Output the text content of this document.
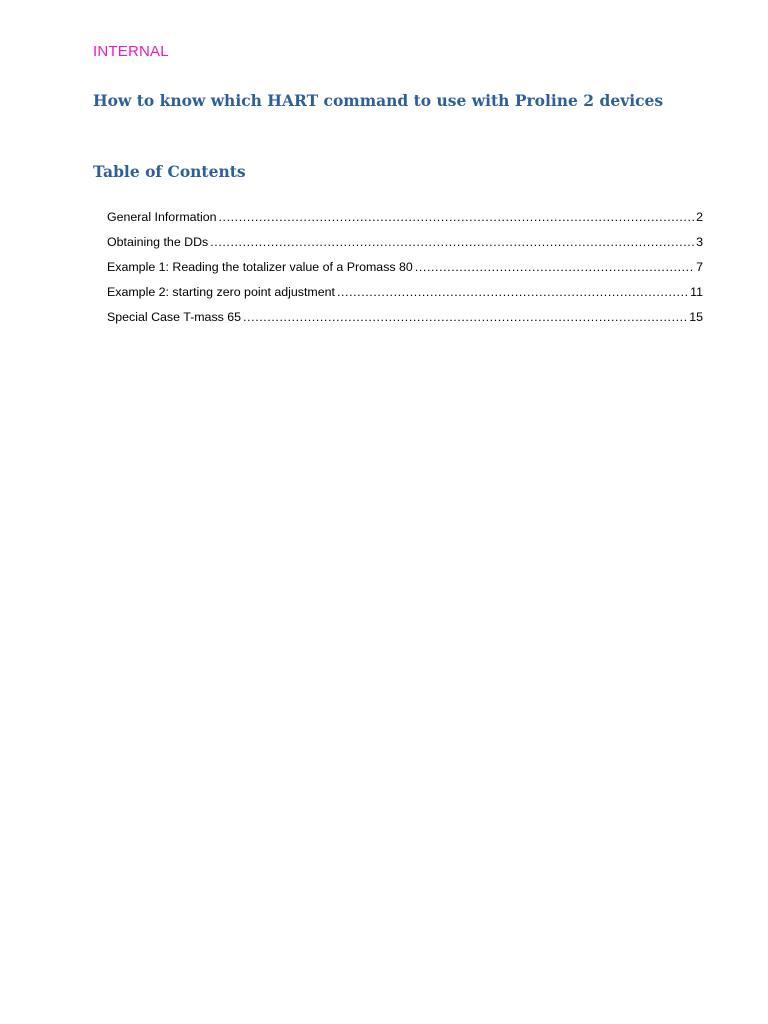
INTERNAL
How to know which HART command to use with Proline 2 devices
Table of Contents
General Information .....	2
Obtaining the DDs .....	3
Example 1: Reading the totalizer value of a Promass 80 .....	7
Example 2: starting zero point adjustment .....	11
Special Case T-mass 65 .....	15
